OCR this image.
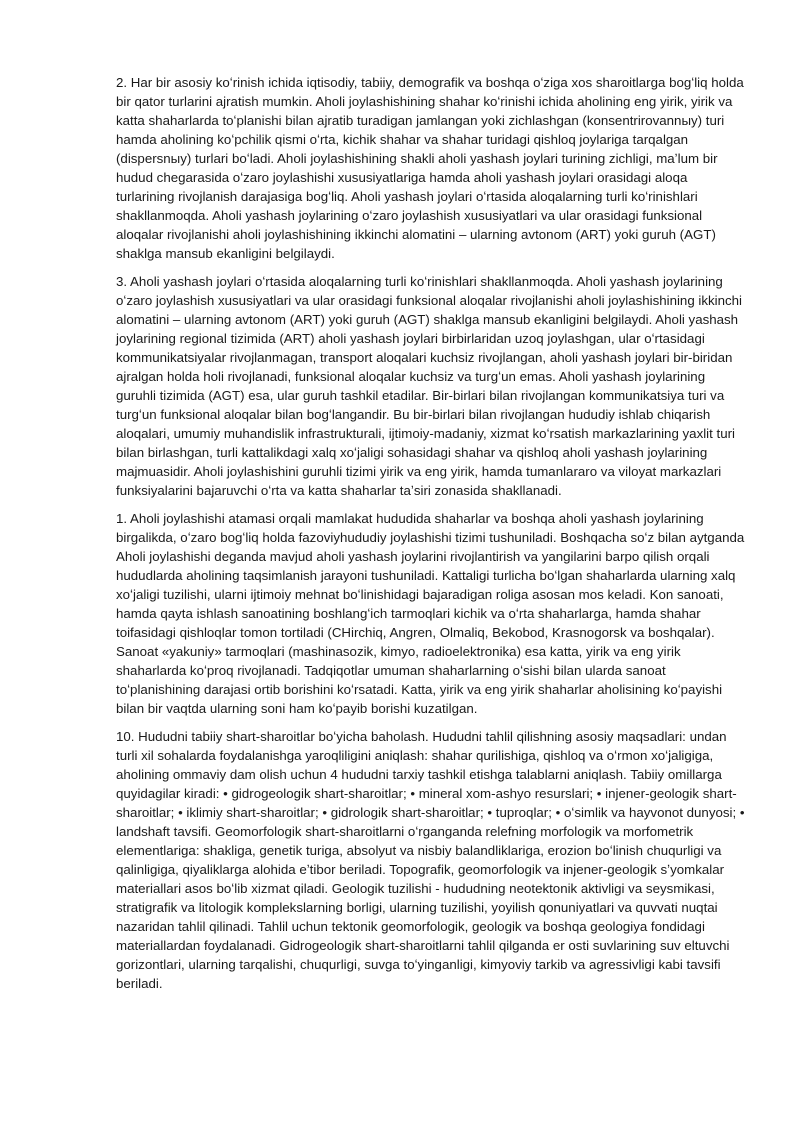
2. Har bir asosiy koʻrinish ichida iqtisodiy, tabiiy, demografik va boshqa oʻziga xos sharoitlarga bogʻliq holda bir qator turlarini ajratish mumkin. Aholi joylashishining shahar koʻrinishi ichida aholining eng yirik, yirik va katta shaharlarda toʻplanishi bilan ajratib turadigan jamlangan yoki zichlashgan (konsentrirovannыy) turi hamda aholining koʻpchilik qismi oʻrta, kichik shahar va shahar turidagi qishloq joylariga tarqalgan (dispersnыy) turlari boʻladi. Aholi joylashishining shakli aholi yashash joylari turining zichligi, maʼlum bir hudud chegarasida oʻzaro joylashishi xususiyatlariga hamda aholi yashash joylari orasidagi aloqa turlarining rivojlanish darajasiga bogʻliq. Aholi yashash joylari oʻrtasida aloqalarning turli koʻrinishlari shakllanmoqda. Aholi yashash joylarining oʻzaro joylashish xususiyatlari va ular orasidagi funksional aloqalar rivojlanishi aholi joylashishining ikkinchi alomatini – ularning avtonom (ART) yoki guruh (AGT) shaklga mansub ekanligini belgilaydi.

3. Aholi yashash joylari oʻrtasida aloqalarning turli koʻrinishlari shakllanmoqda. Aholi yashash joylarining oʻzaro joylashish xususiyatlari va ular orasidagi funksional aloqalar rivojlanishi aholi joylashishining ikkinchi alomatini – ularning avtonom (ART) yoki guruh (AGT) shaklga mansub ekanligini belgilaydi. Aholi yashash joylarining regional tizimida (ART) aholi yashash joylari birbirlaridan uzoq joylashgan, ular oʻrtasidagi kommunikatsiyalar rivojlanmagan, transport aloqalari kuchsiz rivojlangan, aholi yashash joylari bir-biridan ajralgan holda holi rivojlanadi, funksional aloqalar kuchsiz va turgʻun emas. Aholi yashash joylarining guruhli tizimida (AGT) esa, ular guruh tashkil etadilar. Bir-birlari bilan rivojlangan kommunikatsiya turi va turgʻun funksional aloqalar bilan bogʻlangandir. Bu bir-birlari bilan rivojlangan hududiy ishlab chiqarish aloqalari, umumiy muhandislik infrastrukturali, ijtimoiy-madaniy, xizmat koʻrsatish markazlarining yaxlit turi bilan birlashgan, turli kattalikdagi xalq xoʻjaligi sohasidagi shahar va qishloq aholi yashash joylarining majmuasidir. Aholi joylashishini guruhli tizimi yirik va eng yirik, hamda tumanlararo va viloyat markazlari funksiyalarini bajaruvchi oʻrta va katta shaharlar taʼsiri zonasida shakllanadi.

1. Aholi joylashishi atamasi orqali mamlakat hududida shaharlar va boshqa aholi yashash joylarining birgalikda, oʻzaro bogʻliq holda fazoviyhududiy joylashishi tizimi tushuniladi. Boshqacha soʻz bilan aytganda Aholi joylashishi deganda mavjud aholi yashash joylarini rivojlantirish va yangilarini barpo qilish orqali hududlarda aholining taqsimlanish jarayoni tushuniladi. Kattaligi turlicha boʻlgan shaharlarda ularning xalq xoʻjaligi tuzilishi, ularni ijtimoiy mehnat boʻlinishidagi bajaradigan roliga asosan mos keladi. Kon sanoati, hamda qayta ishlash sanoatining boshlangʻich tarmoqlari kichik va oʻrta shaharlarga, hamda shahar toifasidagi qishloqlar tomon tortiladi (CHirchiq, Angren, Olmaliq, Bekobod, Krasnogorsk va boshqalar). Sanoat «yakuniy» tarmoqlari (mashinasozik, kimyo, radioelektronika) esa katta, yirik va eng yirik shaharlarda koʻproq rivojlanadi. Tadqiqotlar umuman shaharlarning oʻsishi bilan ularda sanoat toʻplanishining darajasi ortib borishini koʻrsatadi. Katta, yirik va eng yirik shaharlar aholisining koʻpayishi bilan bir vaqtda ularning soni ham koʻpayib borishi kuzatilgan.

10. Hududni tabiiy shart-sharoitlar boʻyicha baholash. Hududni tahlil qilishning asosiy maqsadlari: undan turli xil sohalarda foydalanishga yaroqliligini aniqlash: shahar qurilishiga, qishloq va oʻrmon xoʻjaligiga, aholining ommaviy dam olish uchun 4 hududni tarxiy tashkil etishga talablarni aniqlash. Tabiiy omillarga quyidagilar kiradi: • gidrogeologik shart-sharoitlar; • mineral xom-ashyo resurslari; • injener-geologik shart-sharoitlar; • iklimiy shart-sharoitlar; • gidrologik shart-sharoitlar; • tuproqlar; • oʻsimlik va hayvonot dunyosi; • landshaft tavsifi. Geomorfologik shart-sharoitlarni oʻrganganda relefning morfologik va morfometrik elementlariga: shakliga, genetik turiga, absolyut va nisbiy balandliklariga, erozion boʻlinish chuqurligi va qalinligiga, qiyaliklarga alohida eʼtibor beriladi. Topografik, geomorfologik va injener-geologik sʼyomkalar materiallari asos boʻlib xizmat qiladi. Geologik tuzilishi - hududning neotektonik aktivligi va seysmikasi, stratigrafik va litologik komplekslarning borligi, ularning tuzilishi, yoyilish qonuniyatlari va quvvati nuqtai nazaridan tahlil qilinadi. Tahlil uchun tektonik geomorfologik, geologik va boshqa geologiya fondidagi materiallardan foydalanadi. Gidrogeologik shart-sharoitlarni tahlil qilganda er osti suvlarining suv eltuvchi gorizontlari, ularning tarqalishi, chuqurligi, suvga toʻyinganligi, kimyoviy tarkib va agressivligi kabi tavsifi beriladi.
